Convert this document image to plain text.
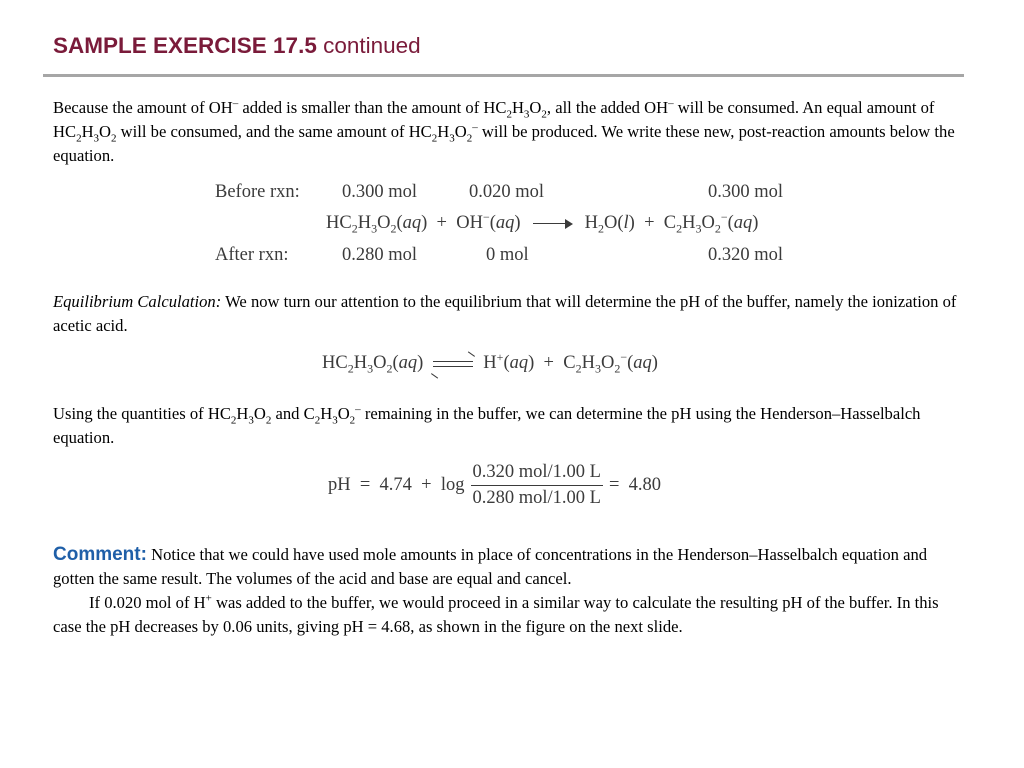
SAMPLE EXERCISE 17.5 continued
Because the amount of OH– added is smaller than the amount of $HC_2H_3O_2$, all the added OH– will be consumed. An equal amount of $HC_2H_3O_2$ will be consumed, and the same amount of $HC_2H_3O_2^-$ will be produced. We write these new, post-reaction amounts below the equation.
Before rxn: 0.300 mol	0.020 mol	0.300 mol
$HC_2H_3O_2(aq) + OH^-(aq)$	$H_2O(l) + C_2H_3O_2^-(aq)$
After rxn:	0.280 mol	0 mol	0.320 mol
Equilibrium Calculation: We now turn our attention to the equilibrium that will determine the pH of the buffer, namely the ionization of acetic acid.
$HC_2H_3O_2(aq) \to H^+(aq) + C_2H_3O_2^-(aq)$
Using the quantities of $HC_2H_3O_2$ and $C_2H_3O_2^-$ remaining in the buffer, we can determine the pH using the Henderson–Hasselbalch equation.
pH  =  $4.74 + \log \frac{\text{0.320 mol/1.00 L}}{\text{0.280 mol/1.00 L}} = 4.80$
Comment: Notice that we could have used mole amounts in place of concentrations in the Henderson–Hasselbalch equation and gotten the same result. The volumes of the acid and base are equal and cancel.
If 0.020 mol of H+ was added to the buffer, we would proceed in a similar way to calculate the resulting pH of the buffer. In this case the pH decreases by 0.06 units, giving pH = 4.68, as shown in the figure on the next slide.
